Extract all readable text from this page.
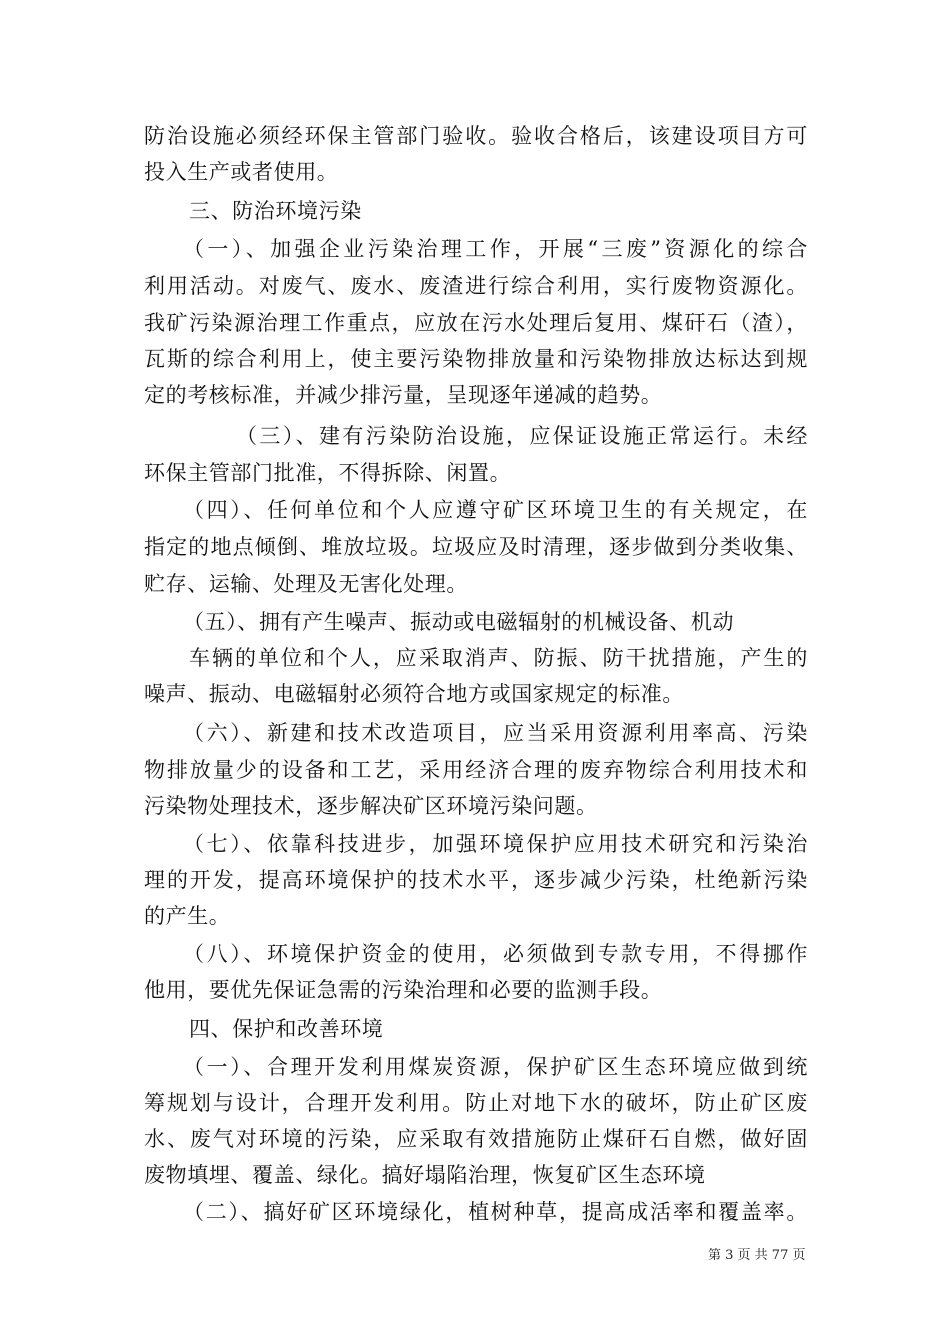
防治设施必须经环保主管部门验收。验收合格后，该建设项目方可
投入生产或者使用。
三、防治环境污染
（一）、加强企业污染治理工作，开展“三废”资源化的综合
利用活动。对废气、废水、废渣进行综合利用，实行废物资源化。
我矿污染源治理工作重点，应放在污水处理后复用、煤矸石（渣），
瓦斯的综合利用上，使主要污染物排放量和污染物排放达标达到规
定的考核标准，并减少排污量，呈现逐年递减的趋势。
（三）、建有污染防治设施，应保证设施正常运行。未经
环保主管部门批准，不得拆除、闲置。
（四）、任何单位和个人应遵守矿区环境卫生的有关规定，在
指定的地点倾倒、堆放垃圾。垃圾应及时清理，逐步做到分类收集、
贮存、运输、处理及无害化处理。
（五）、拥有产生噪声、振动或电磁辐射的机械设备、机动
车辆的单位和个人，应采取消声、防振、防干扰措施，产生的
噪声、振动、电磁辐射必须符合地方或国家规定的标准。
（六）、新建和技术改造项目，应当采用资源利用率高、污染
物排放量少的设备和工艺，采用经济合理的废弃物综合利用技术和
污染物处理技术，逐步解决矿区环境污染问题。
（七）、依靠科技进步，加强环境保护应用技术研究和污染治
理的开发，提高环境保护的技术水平，逐步减少污染，杜绝新污染
的产生。
（八）、环境保护资金的使用，必须做到专款专用，不得挪作
他用，要优先保证急需的污染治理和必要的监测手段。
四、保护和改善环境
（一）、合理开发利用煤炭资源，保护矿区生态环境应做到统
筹规划与设计，合理开发利用。防止对地下水的破坏，防止矿区废
水、废气对环境的污染，应采取有效措施防止煤矸石自燃，做好固
废物填埋、覆盖、绿化。搞好塌陷治理，恢复矿区生态环境
（二）、搞好矿区环境绿化，植树种草，提高成活率和覆盖率。
第 3 页 共 77 页
